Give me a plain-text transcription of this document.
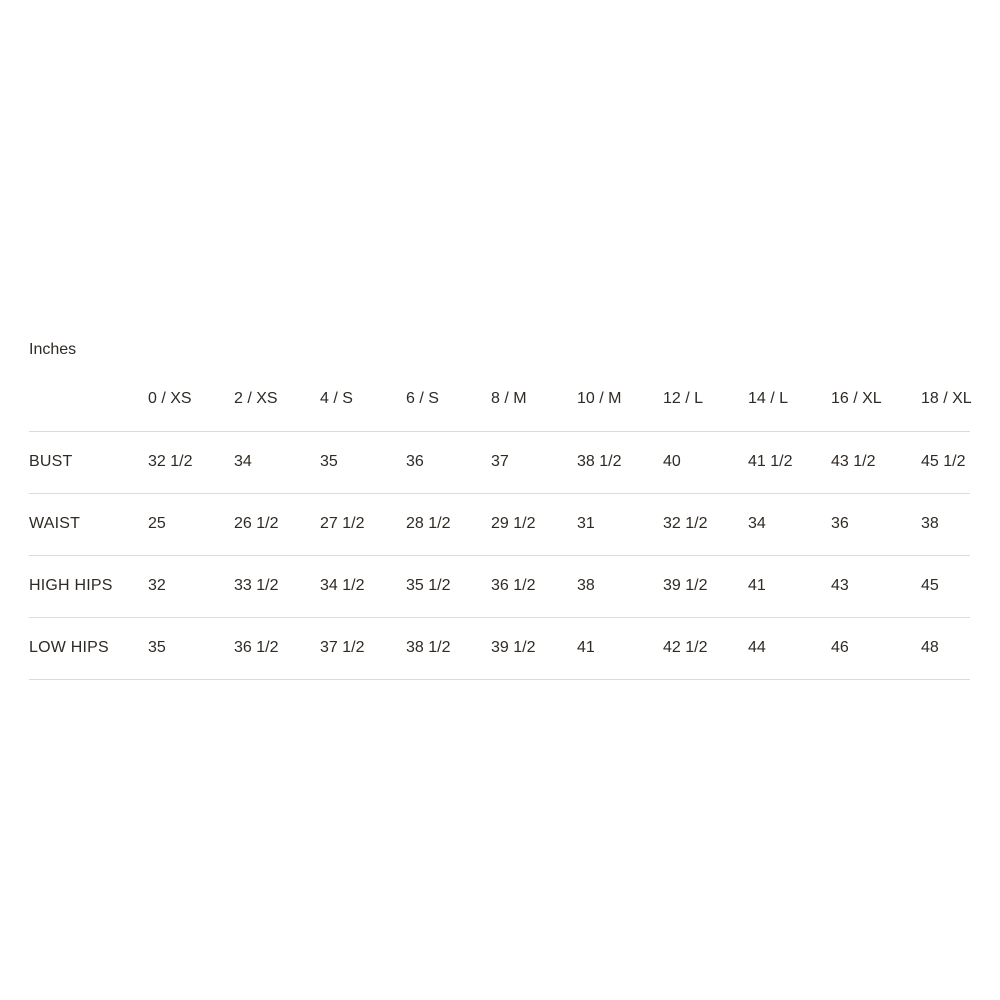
Inches
	0 / XS	2 / XS	4 / S	6 / S	8 / M	10 / M	12 / L	14 / L	16 / XL	18 / XL
BUST	32 1/2	34	35	36	37	38 1/2	40	41 1/2	43 1/2	45 1/2
WAIST	25	26 1/2	27 1/2	28 1/2	29 1/2	31	32 1/2	34	36	38
HIGH HIPS	32	33 1/2	34 1/2	35 1/2	36 1/2	38	39 1/2	41	43	45
LOW HIPS	35	36 1/2	37 1/2	38 1/2	39 1/2	41	42 1/2	44	46	48
